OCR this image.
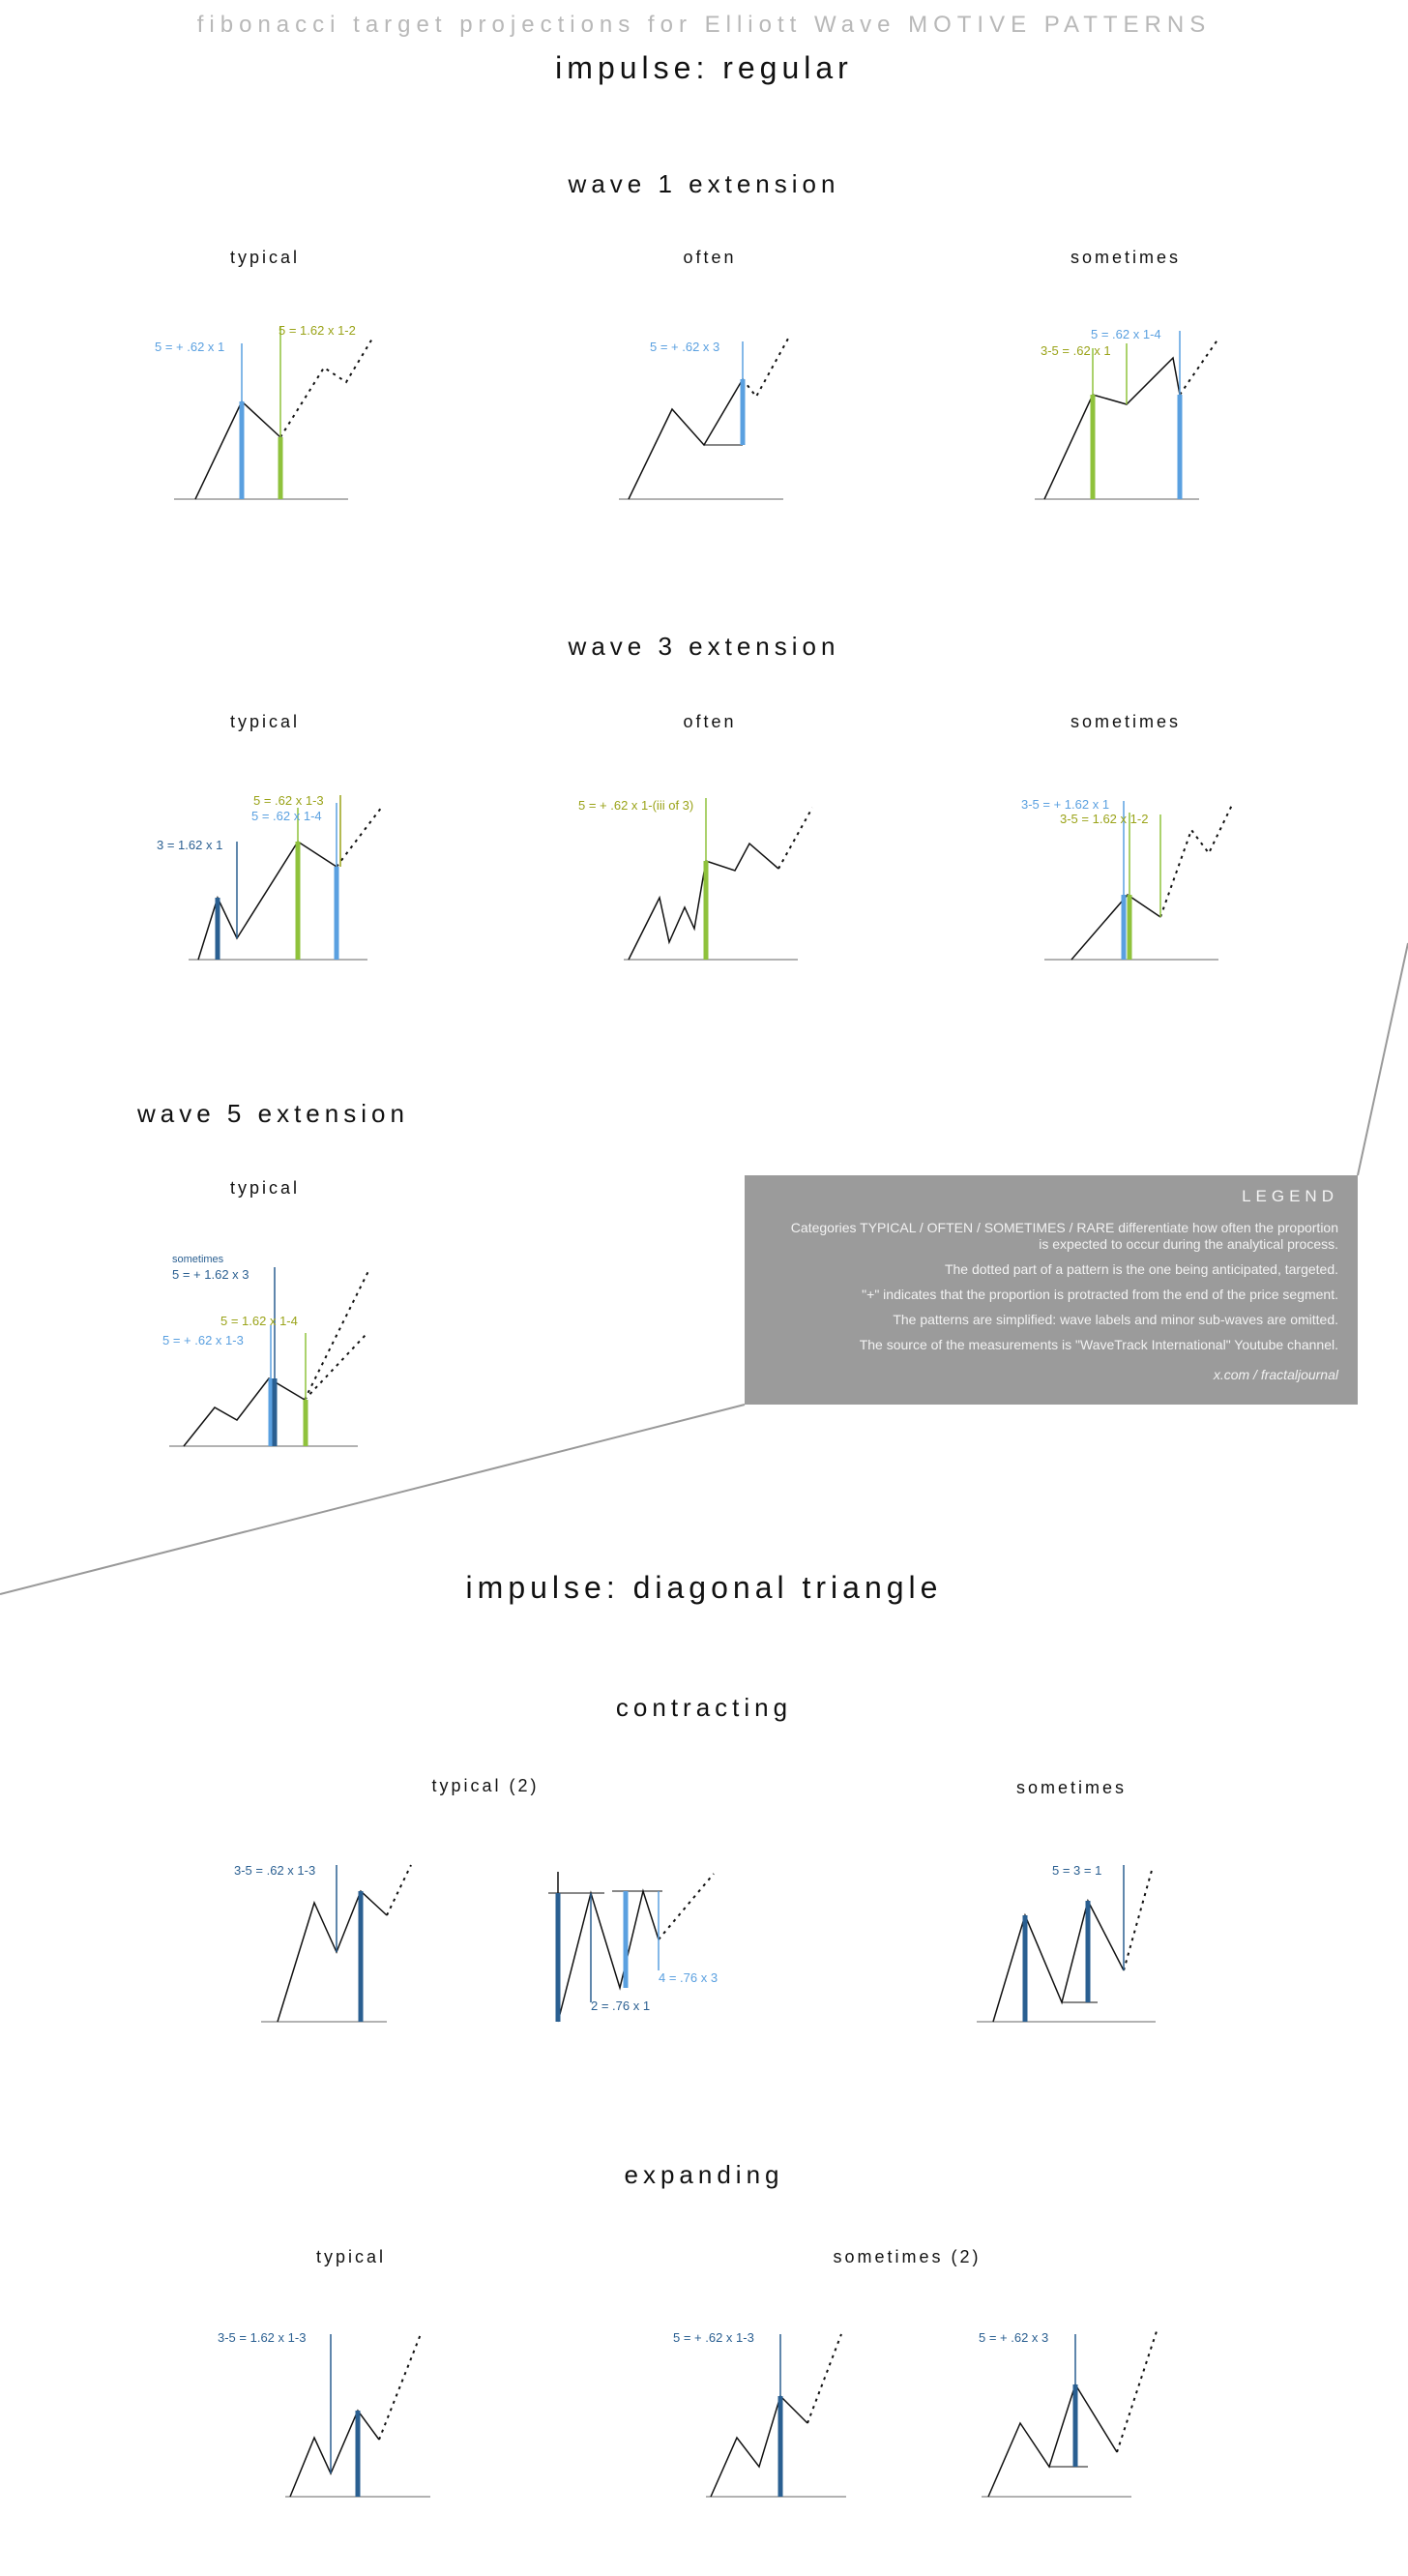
fibonacci target projections for Elliott Wave MOTIVE PATTERNS
impulse: regular
wave 1 extension
typical	often	sometimes
5 = + .62 x 1
5 = 1.62 x 1-2
5 = + .62 x 3
5 = .62 x 1-4
3-5 = .62 x 1
wave 3 extension
typical	often	sometimes
5 = .62 x 1-3
5 = .62 x 1-4
3 = 1.62 x 1
5 = + .62 x 1-(iii of 3)	3-5 = + 1.62 x 1
3-5 = 1.62 x 1-2
wave 5 extension
typical
sometimes
5 = + 1.62 x 3
5 = 1.62 x 1-4
5 = + .62 x 1-3
LEGEND
Categories TYPICAL / OFTEN / SOMETIMES / RARE differentiate how often the proportion
is expected to occur during the analytical process.
The dotted part of a pattern is the one being anticipated, targeted.
"+" indicates that the proportion is protracted from the end of the price segment.
The patterns are simplified: wave labels and minor sub-waves are omitted.
The source of the measurements is "WaveTrack International" Youtube channel.
x.com / fractaljournal
impulse: diagonal triangle
contracting
typical (2)	sometimes
3-5 = .62 x 1-3
2 = .76 x 1
4 = .76 x 3
5 = 3 = 1
expanding
typical	sometimes (2)
3-5 = 1.62 x 1-3	5 = + .62 x 1-3	5 = + .62 x 3
